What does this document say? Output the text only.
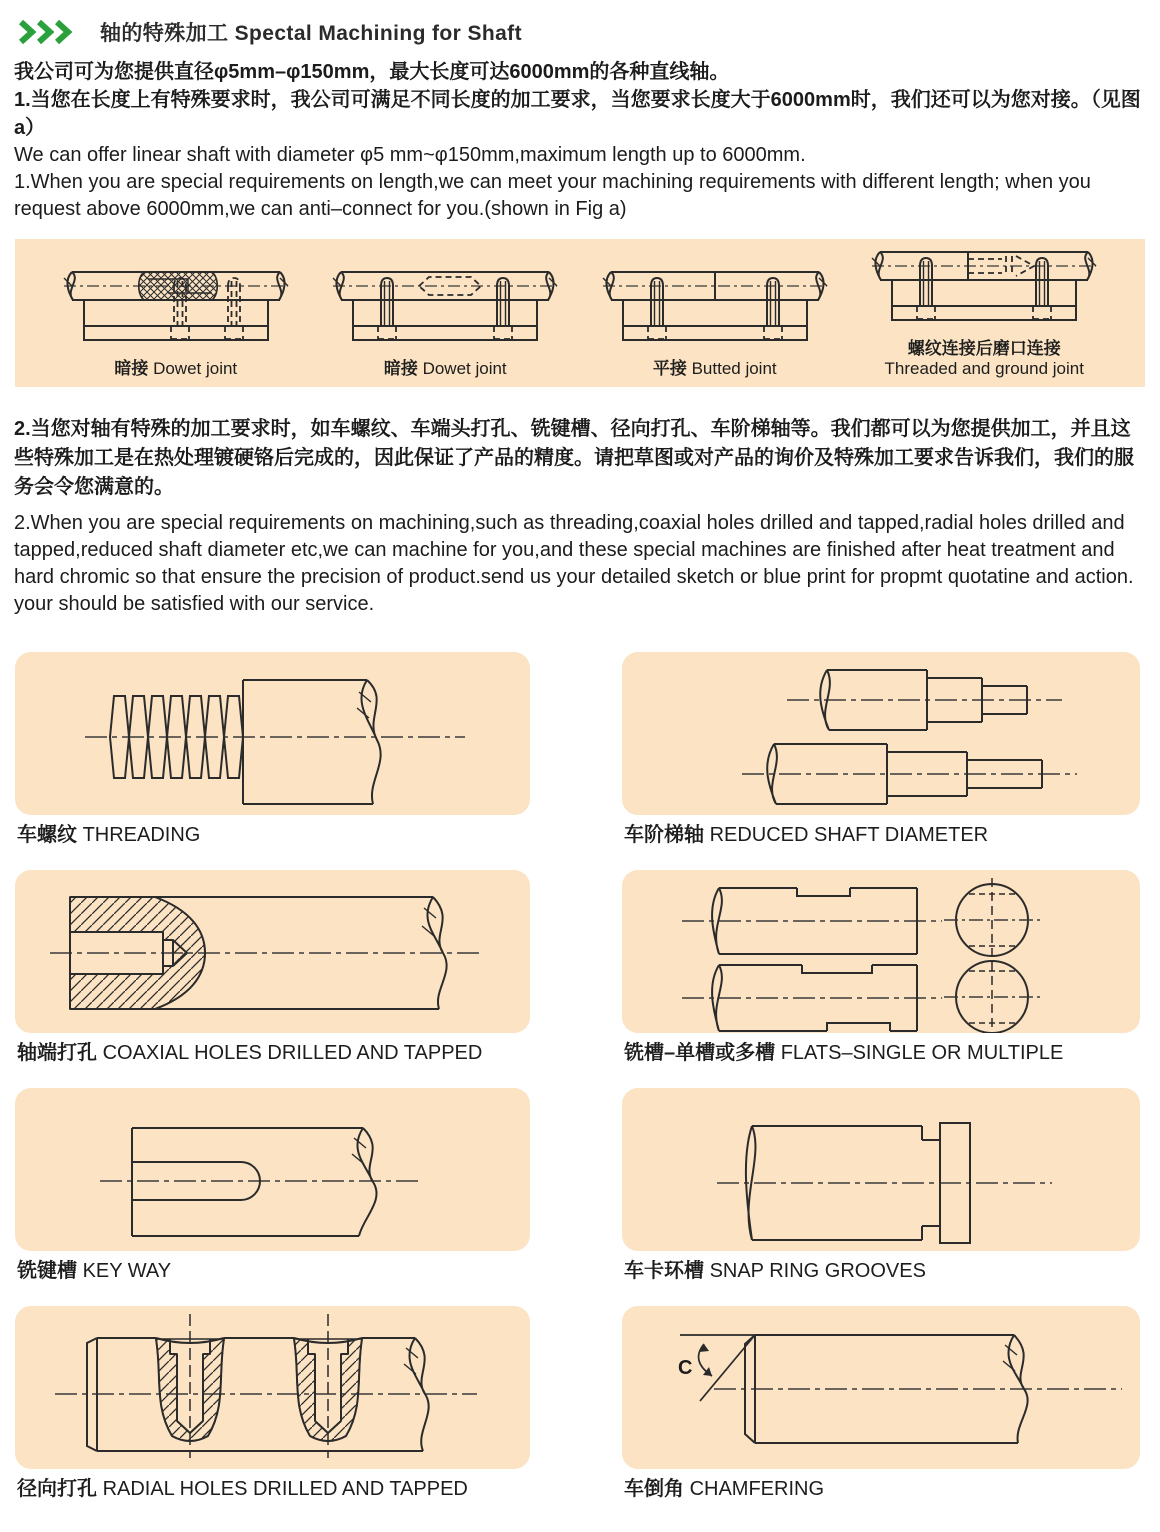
轴的特殊加工 Spectal Machining for Shaft

我公司可为您提供直径φ5mm–φ150mm，最大长度可达6000mm的各种直线轴。

1.当您在长度上有特殊要求时，我公司可满足不同长度的加工要求，当您要求长度大于6000mm时，我们还可以为您对接。（见图a）

We can offer linear shaft with diameter φ5 mm~φ150mm,maximum length up to 6000mm.

1.When you are special requirements on length,we can meet your machining requirements with different length; when you request above 6000mm,we can anti–connect for you.(shown in Fig a)

暗接 Dowet joint	暗接 Dowet joint	平接 Butted joint
螺纹连接后磨口连接
Threaded and ground joint

2.当您对轴有特殊的加工要求时，如车螺纹、车端头打孔、铣键槽、径向打孔、车阶梯轴等。我们都可以为您提供加工，并且这些特殊加工是在热处理镀硬铬后完成的，因此保证了产品的精度。请把草图或对产品的询价及特殊加工要求告诉我们，我们的服务会令您满意的。

2.When you are special requirements on machining,such as threading,coaxial holes drilled and tapped,radial holes drilled and tapped,reduced shaft diameter etc,we can machine for you,and these special machines are finished after heat treatment and hard chromic so that ensure the precision of product.send us your detailed sketch or blue print for propmt quotatine and action. your should be satisfied with our service.

车螺纹 THREADING	车阶梯轴 REDUCED SHAFT DIAMETER
轴端打孔 COAXIAL HOLES DRILLED AND TAPPED	铣槽–单槽或多槽 FLATS–SINGLE OR MULTIPLE
铣键槽 KEY WAY	车卡环槽 SNAP RING GROOVES
径向打孔 RADIAL HOLES DRILLED AND TAPPED
C
车倒角 CHAMFERING
